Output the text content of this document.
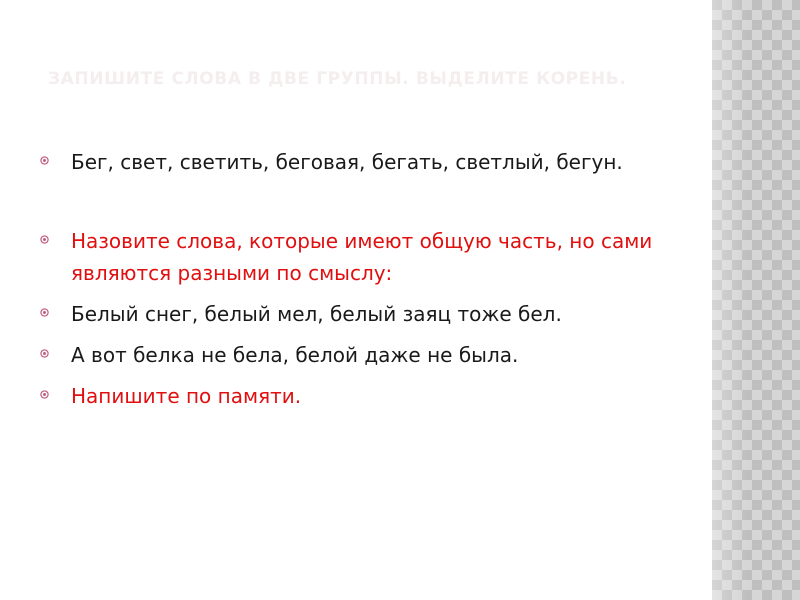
ЗАПИШИТЕ СЛОВА В ДВЕ ГРУППЫ. ВЫДЕЛИТЕ КОРЕНЬ.
Бег, свет, светить, беговая, бегать, светлый, бегун.
Назовите слова, которые имеют общую часть, но сами являются разными по смыслу:
Белый снег, белый мел, белый заяц тоже бел.
А вот белка не бела, белой даже не была.
Напишите по памяти.
